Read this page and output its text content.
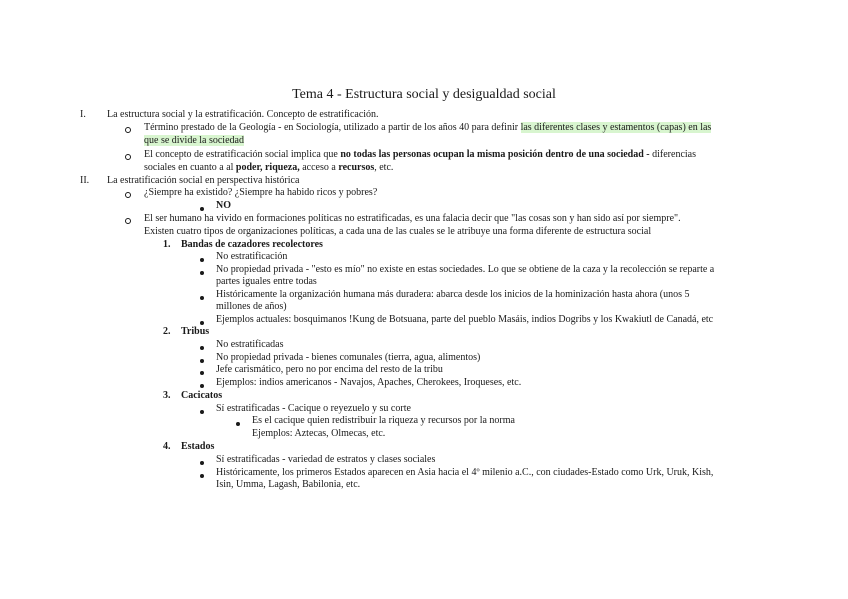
Tema 4 - Estructura social y desigualdad social
I. La estructura social y la estratificación. Concepto de estratificación.
Término prestado de la Geología - en Sociología, utilizado a partir de los años 40 para definir las diferentes clases y estamentos (capas) en las
que se divide la sociedad
El concepto de estratificación social implica que no todas las personas ocupan la misma posición dentro de una sociedad - diferencias
sociales en cuanto a al poder, riqueza, acceso a recursos, etc.
II. La estratificación social en perspectiva histórica
¿Siempre ha existido? ¿Siempre ha habido ricos y pobres?
NO
El ser humano ha vivido en formaciones políticas no estratificadas, es una falacia decir que "las cosas son y han sido así por siempre".
Existen cuatro tipos de organizaciones políticas, a cada una de las cuales se le atribuye una forma diferente de estructura social
1. Bandas de cazadores recolectores
No estratificación
No propiedad privada - "esto es mío" no existe en estas sociedades. Lo que se obtiene de la caza y la recolección se reparte a
partes iguales entre todas
Históricamente la organización humana más duradera: abarca desde los inicios de la hominización hasta ahora (unos 5
millones de años)
Ejemplos actuales: bosquimanos !Kung de Botsuana, parte del pueblo Masáis, indios Dogribs y los Kwakiutl de Canadá, etc
2. Tribus
No estratificadas
No propiedad privada - bienes comunales (tierra, agua, alimentos)
Jefe carismático, pero no por encima del resto de la tribu
Ejemplos: indios americanos - Navajos, Apaches, Cherokees, Iroqueses, etc.
3. Cacicatos
Sí estratificadas - Cacique o reyezuelo y su corte
Es el cacique quien redistribuir la riqueza y recursos por la norma
Ejemplos: Aztecas, Olmecas, etc.
4. Estados
Sí estratificadas - variedad de estratos y clases sociales
Históricamente, los primeros Estados aparecen en Asia hacia el 4º milenio a.C., con ciudades-Estado como Urk, Uruk, Kish,
Isin, Umma, Lagash, Babilonia, etc.
